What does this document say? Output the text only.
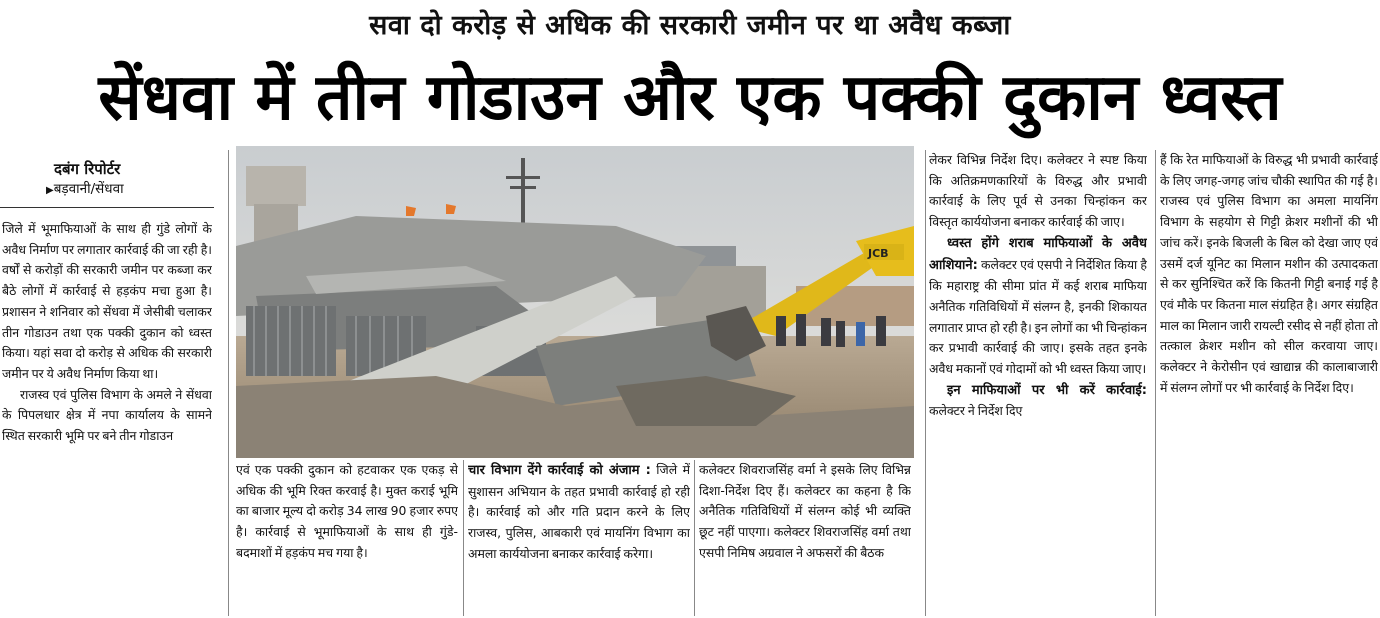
सवा दो करोड़ से अधिक की सरकारी जमीन पर था अवैध कब्जा
सेंधवा में तीन गोडाउन और एक पक्की दुकान ध्वस्त
दबंग रिपोर्टर
▶बड़वानी/सेंधवा
JCB

जिले में भूमाफियाओं के साथ ही गुंडे लोगों के अवैध निर्माण पर लगातार कार्रवाई की जा रही है। वर्षों से करोड़ों की सरकारी जमीन पर कब्जा कर बैठे लोगों में कार्रवाई से हड़कंप मचा हुआ है। प्रशासन ने शनिवार को सेंधवा में जेसीबी चलाकर तीन गोडाउन तथा एक पक्की दुकान को ध्वस्त किया। यहां सवा दो करोड़ से अधिक की सरकारी जमीन पर ये अवैध निर्माण किया था।

राजस्व एवं पुलिस विभाग के अमले ने सेंधवा के पिपलधार क्षेत्र में नपा कार्यालय के सामने स्थित सरकारी भूमि पर बने तीन गोडाउन

एवं एक पक्की दुकान को हटवाकर एक एकड़ से अधिक की भूमि रिक्त करवाई है। मुक्त कराई भूमि का बाजार मूल्य दो करोड़ 34 लाख 90 हजार रुपए है। कार्रवाई से भूमाफियाओं के साथ ही गुंडे-बदमाशों में हड़कंप मच गया है।

चार विभाग देंगे कार्रवाई को अंजाम : जिले में सुशासन अभियान के तहत प्रभावी कार्रवाई हो रही है। कार्रवाई को और गति प्रदान करने के लिए राजस्व, पुलिस, आबकारी एवं मायनिंग विभाग का अमला कार्ययोजना बनाकर कार्रवाई करेगा।

कलेक्टर शिवराजसिंह वर्मा ने इसके लिए विभिन्न दिशा-निर्देश दिए हैं। कलेक्टर का कहना है कि अनैतिक गतिविधियों में संलग्न कोई भी व्यक्ति छूट नहीं पाएगा। कलेक्टर शिवराजसिंह वर्मा तथा एसपी निमिष अग्रवाल ने अफसरों की बैठक

लेकर विभिन्न निर्देश दिए। कलेक्टर ने स्पष्ट किया कि अतिक्रमणकारियों के विरुद्ध और प्रभावी कार्रवाई के लिए पूर्व से उनका चिन्हांकन कर विस्तृत कार्ययोजना बनाकर कार्रवाई की जाए।

ध्वस्त होंगे शराब माफियाओं के अवैध आशियाने: कलेक्टर एवं एसपी ने निर्देशित किया है कि महाराष्ट्र की सीमा प्रांत में कई शराब माफिया अनैतिक गतिविधियों में संलग्न है, इनकी शिकायत लगातार प्राप्त हो रही है। इन लोगों का भी चिन्हांकन कर प्रभावी कार्रवाई की जाए। इसके तहत इनके अवैध मकानों एवं गोदामों को भी ध्वस्त किया जाए।

इन माफियाओं पर भी करें कार्रवाई: कलेक्टर ने निर्देश दिए

हैं कि रेत माफियाओं के विरुद्ध भी प्रभावी कार्रवाई के लिए जगह-जगह जांच चौकी स्थापित की गई है। राजस्व एवं पुलिस विभाग का अमला मायनिंग विभाग के सहयोग से गिट्टी क्रेशर मशीनों की भी जांच करें। इनके बिजली के बिल को देखा जाए एवं उसमें दर्ज यूनिट का मिलान मशीन की उत्पादकता से कर सुनिश्चित करें कि कितनी गिट्टी बनाई गई है एवं मौके पर कितना माल संग्रहित है। अगर संग्रहित माल का मिलान जारी रायल्टी रसीद से नहीं होता तो तत्काल क्रेशर मशीन को सील करवाया जाए। कलेक्टर ने केरोसीन एवं खाद्यान्न की कालाबाजारी में संलग्न लोगों पर भी कार्रवाई के निर्देश दिए।
